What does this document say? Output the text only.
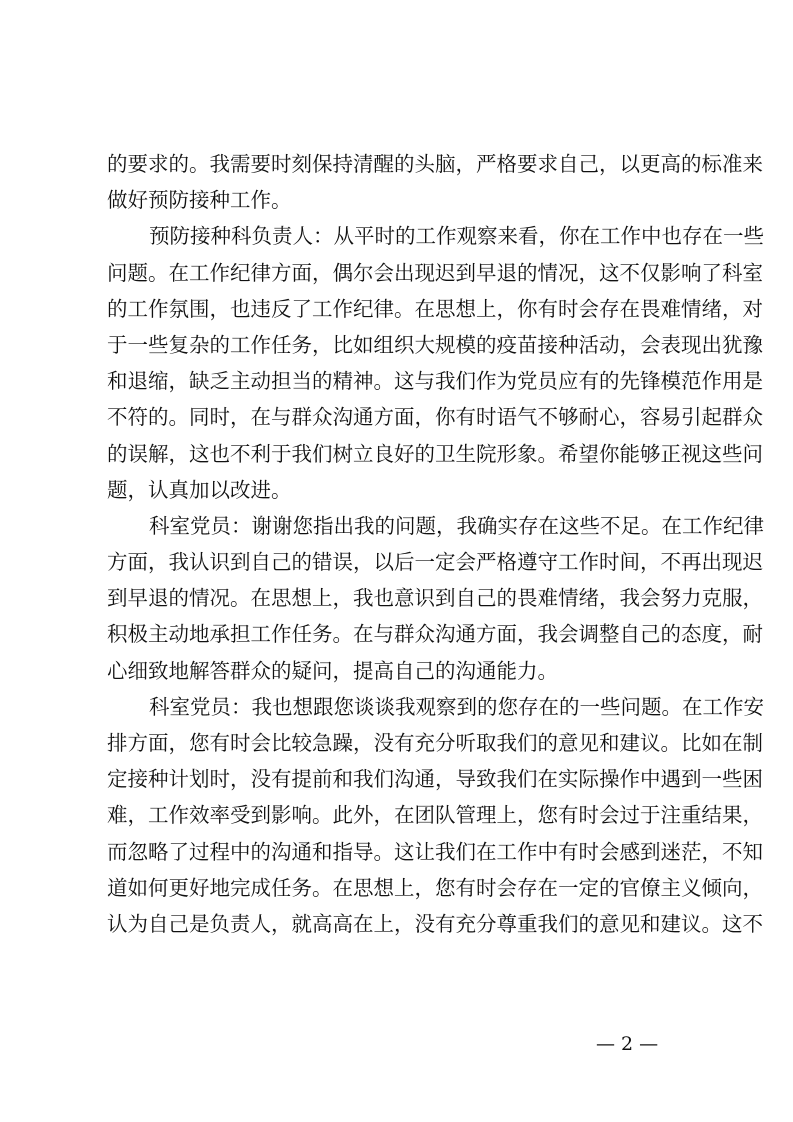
的要求的。我需要时刻保持清醒的头脑，严格要求自己，以更高的标准来
做好预防接种工作。
预防接种科负责人：从平时的工作观察来看，你在工作中也存在一些
问题。在工作纪律方面，偶尔会出现迟到早退的情况，这不仅影响了科室
的工作氛围，也违反了工作纪律。在思想上，你有时会存在畏难情绪，对
于一些复杂的工作任务，比如组织大规模的疫苗接种活动，会表现出犹豫
和退缩，缺乏主动担当的精神。这与我们作为党员应有的先锋模范作用是
不符的。同时，在与群众沟通方面，你有时语气不够耐心，容易引起群众
的误解，这也不利于我们树立良好的卫生院形象。希望你能够正视这些问
题，认真加以改进。
科室党员：谢谢您指出我的问题，我确实存在这些不足。在工作纪律
方面，我认识到自己的错误，以后一定会严格遵守工作时间，不再出现迟
到早退的情况。在思想上，我也意识到自己的畏难情绪，我会努力克服，
积极主动地承担工作任务。在与群众沟通方面，我会调整自己的态度，耐
心细致地解答群众的疑问，提高自己的沟通能力。
科室党员：我也想跟您谈谈我观察到的您存在的一些问题。在工作安
排方面，您有时会比较急躁，没有充分听取我们的意见和建议。比如在制
定接种计划时，没有提前和我们沟通，导致我们在实际操作中遇到一些困
难，工作效率受到影响。此外，在团队管理上，您有时会过于注重结果，
而忽略了过程中的沟通和指导。这让我们在工作中有时会感到迷茫，不知
道如何更好地完成任务。在思想上，您有时会存在一定的官僚主义倾向，
认为自己是负责人，就高高在上，没有充分尊重我们的意见和建议。这不
— 2 —
